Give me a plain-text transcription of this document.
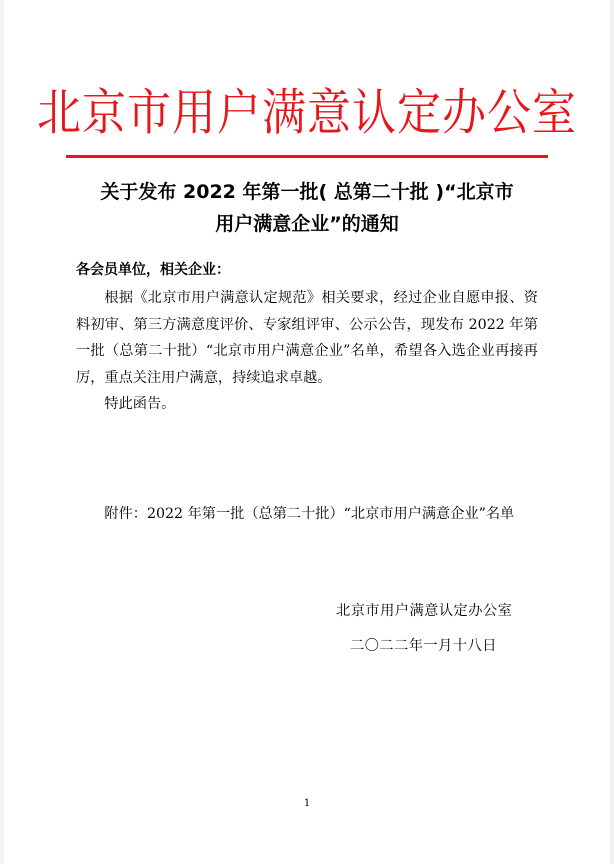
北京市用户满意认定办公室
关于发布 2022 年第一批( 总第二十批 )“北京市
用户满意企业”的通知
各会员单位，相关企业：

根据《北京市用户满意认定规范》相关要求，经过企业自愿申报、资料初审、第三方满意度评价、专家组评审、公示公告，现发布 2022 年第一批（总第二十批）“北京市用户满意企业”名单，希望各入选企业再接再厉，重点关注用户满意，持续追求卓越。

特此函告。

附件：2022 年第一批（总第二十批）“北京市用户满意企业”名单

北京市用户满意认定办公室
二〇二二年一月十八日
1
